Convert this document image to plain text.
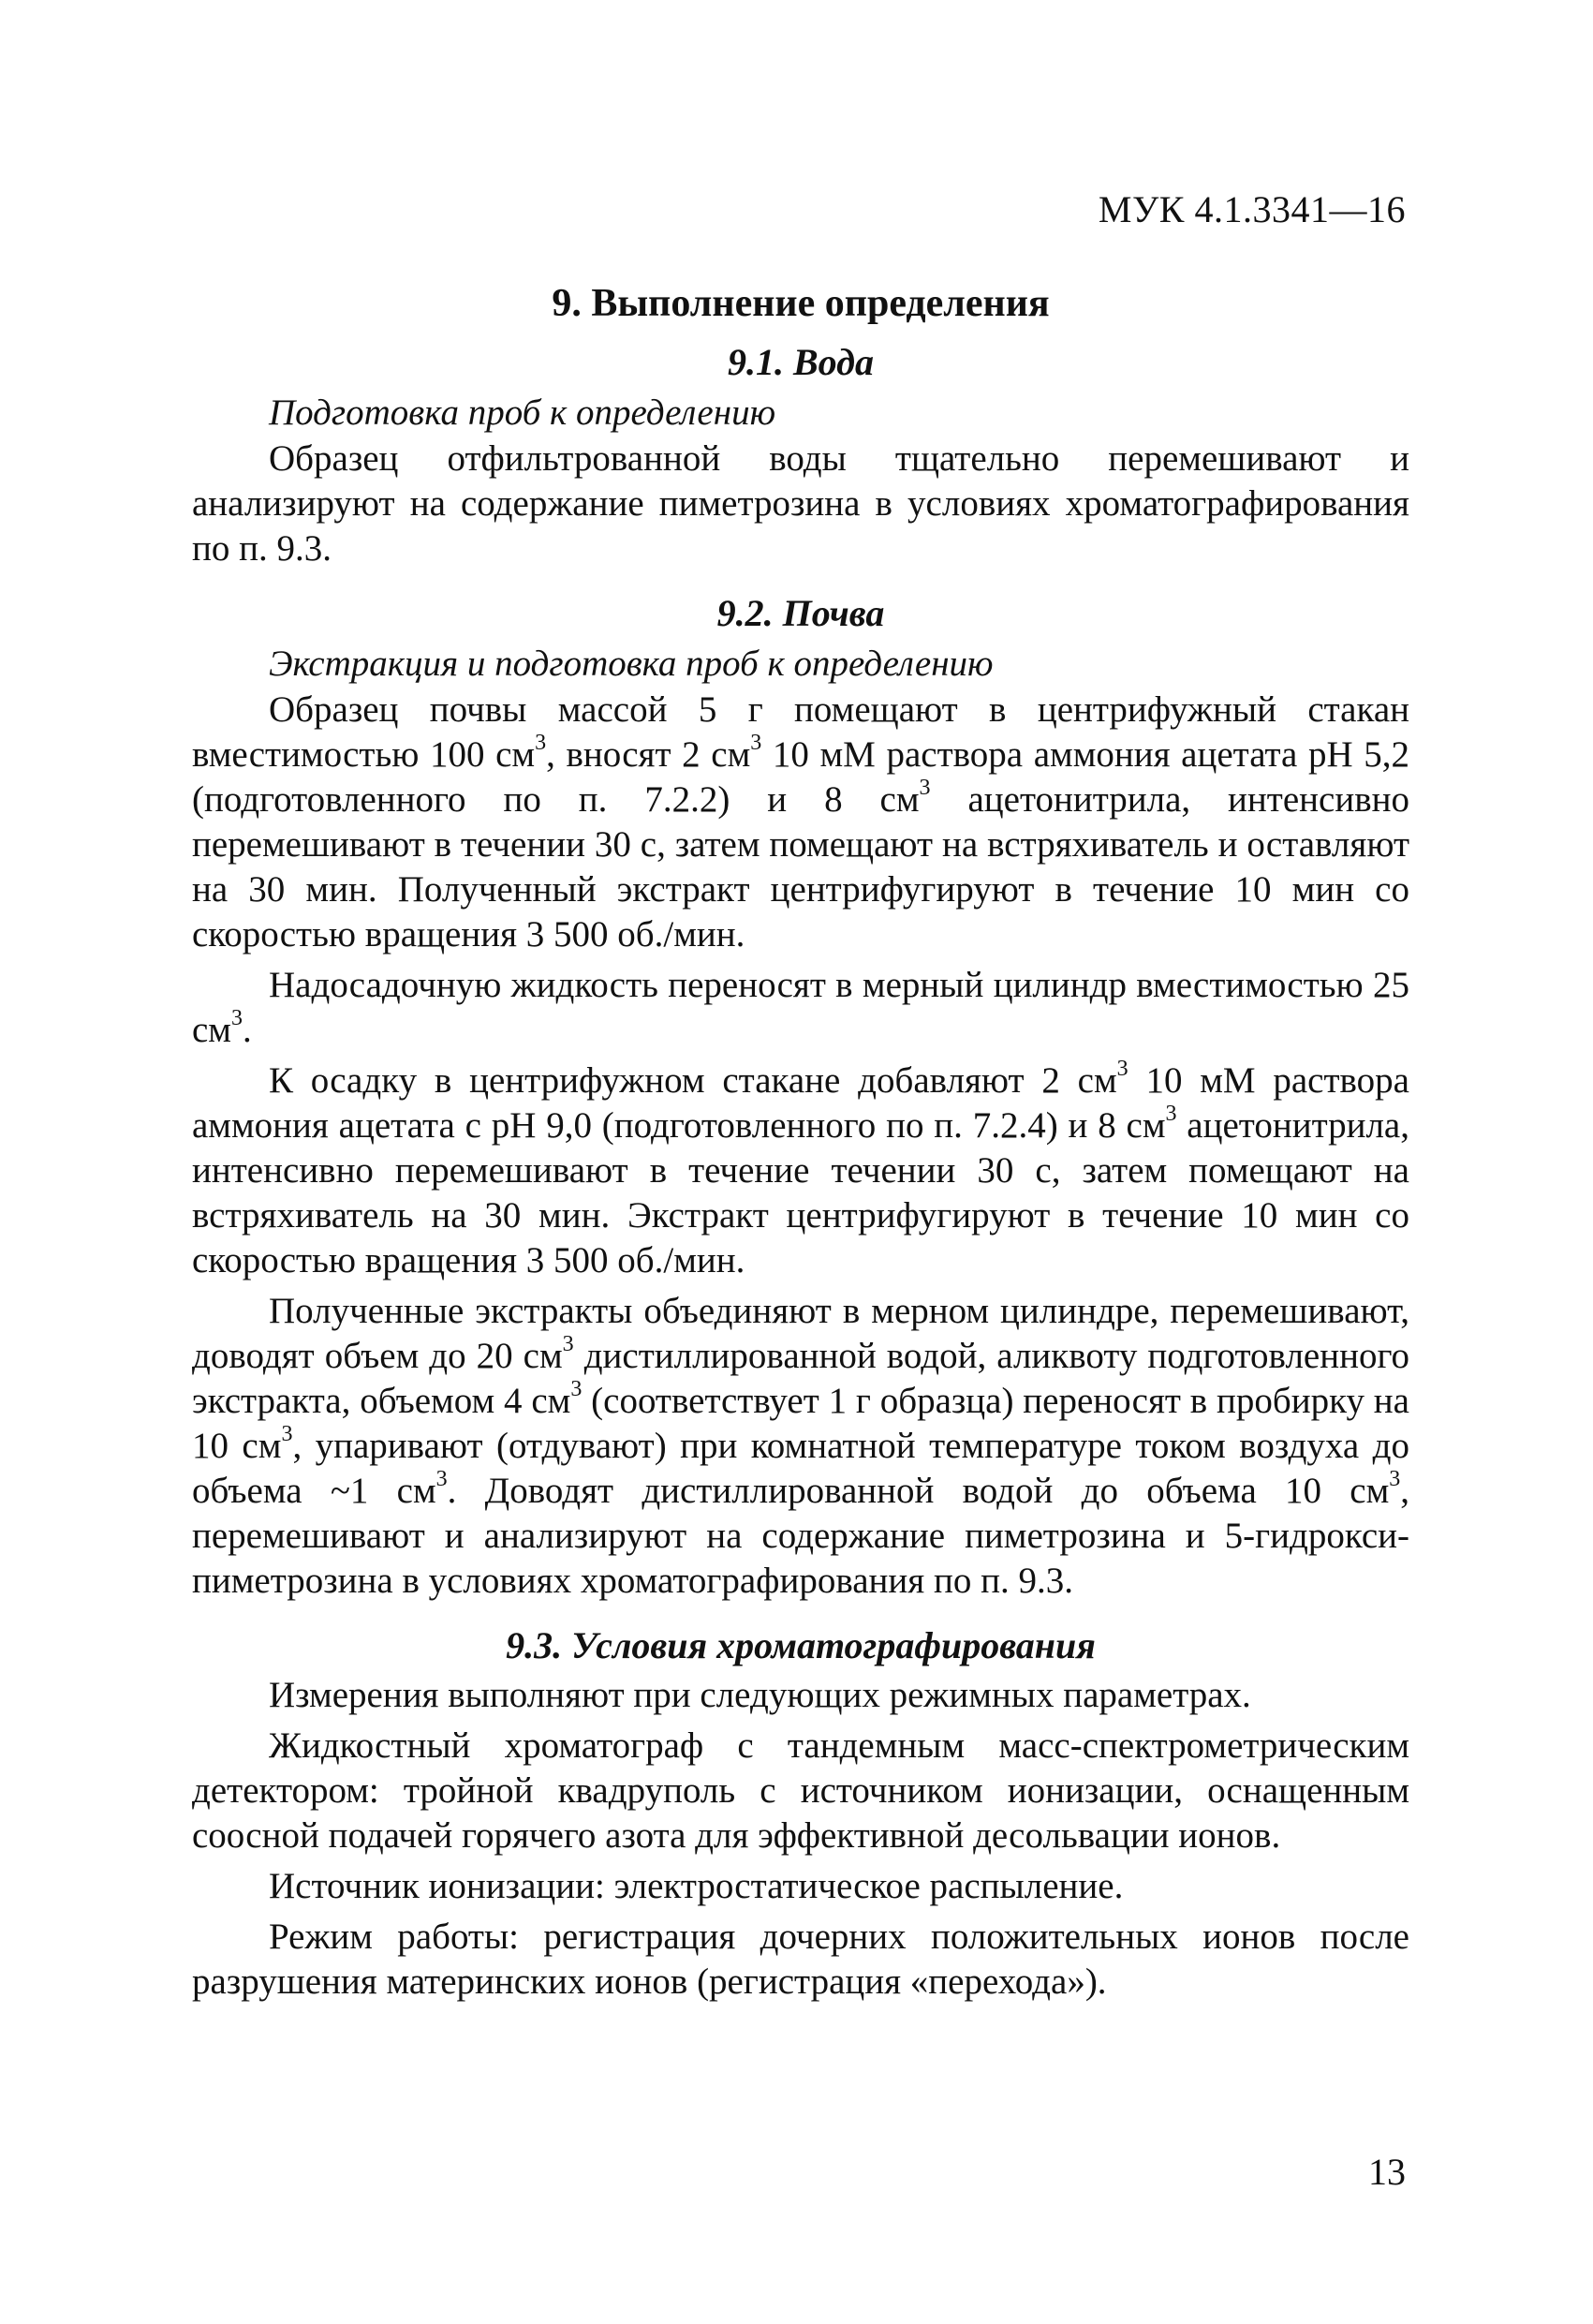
МУК 4.1.3341—16
9. Выполнение определения
9.1. Вода
Подготовка проб к определению

Образец отфильтрованной воды тщательно перемешивают и анализируют на содержание пиметрозина в условиях хроматографирования по п. 9.3.

9.2. Почва
Экстракция и подготовка проб к определению

Образец почвы массой 5 г помещают в центрифужный стакан вместимостью 100 $см^3$, вносят 2 $см^3$ 10 мМ раствора аммония ацетата pH 5,2 (подготовленного по п. 7.2.2) и 8 $см^3$ ацетонитрила, интенсивно перемешивают в течении 30 с, затем помещают на встряхиватель и оставляют на 30 мин. Полученный экстракт центрифугируют в течение 10 мин со скоростью вращения 3 500 об./мин.

Надосадочную жидкость переносят в мерный цилиндр вместимостью 25 $см^3$.

К осадку в центрифужном стакане добавляют 2 $см^3$ 10 мМ раствора аммония ацетата с pH 9,0 (подготовленного по п. 7.2.4) и 8 $см^3$ ацетонитрила, интенсивно перемешивают в течение течении 30 с, затем помещают на встряхиватель на 30 мин. Экстракт центрифугируют в течение 10 мин со скоростью вращения 3 500 об./мин.

Полученные экстракты объединяют в мерном цилиндре, перемешивают, доводят объем до 20 $см^3$ дистиллированной водой, аликвоту подготовленного экстракта, объемом 4 $см^3$ (соответствует 1 г образца) переносят в пробирку на 10 $см^3$, упаривают (отдувают) при комнатной температуре током воздуха до объема ~1 $см^3$. Доводят дистиллированной водой до объема 10 $см^3$, перемешивают и анализируют на содержание пиметрозина и 5-гидрокси-пиметрозина в условиях хроматографирования по п. 9.3.

9.3. Условия хроматографирования

Измерения выполняют при следующих режимных параметрах.

Жидкостный хроматограф с тандемным масс-спектрометрическим детектором: тройной квадруполь с источником ионизации, оснащенным соосной подачей горячего азота для эффективной десольвации ионов.

Источник ионизации: электростатическое распыление.

Режим работы: регистрация дочерних положительных ионов после разрушения материнских ионов (регистрация «перехода»).

13
